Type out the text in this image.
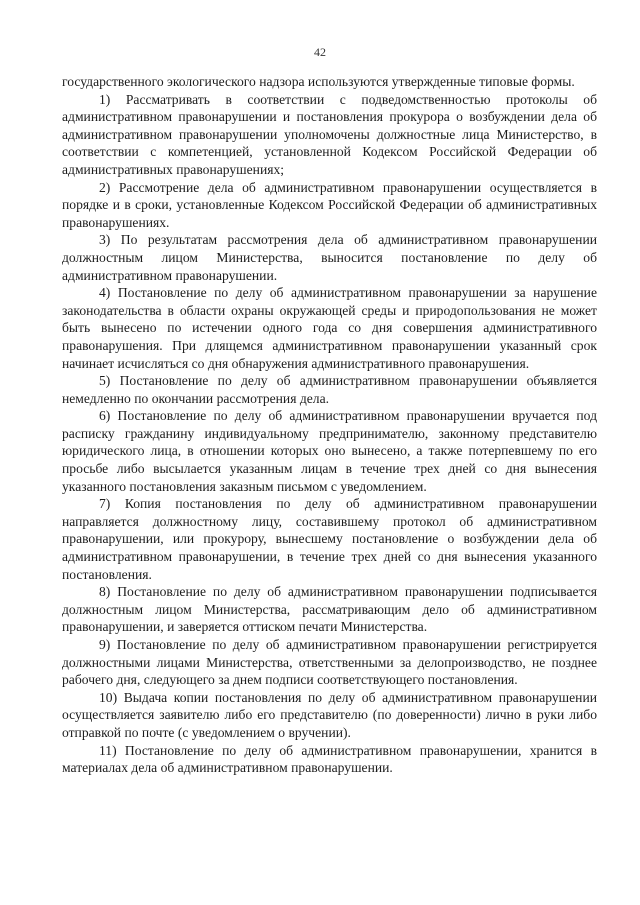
42

государственного экологического надзора используются утвержденные типовые формы.

1) Рассматривать в соответствии с подведомственностью протоколы об административном правонарушении и постановления прокурора о возбуждении дела об административном правонарушении уполномочены должностные лица Министерство, в соответствии с компетенцией, установленной Кодексом Российской Федерации об административных правонарушениях;

2) Рассмотрение дела об административном правонарушении осуществляется в порядке и в сроки, установленные Кодексом Российской Федерации об административных правонарушениях.

3) По результатам рассмотрения дела об административном правонарушении должностным лицом Министерства, выносится постановление по делу об административном правонарушении.

4) Постановление по делу об административном правонарушении за нарушение законодательства в области охраны окружающей среды и природопользования не может быть вынесено по истечении одного года со дня совершения административного правонарушения. При длящемся административном правонарушении указанный срок начинает исчисляться со дня обнаружения административного правонарушения.

5) Постановление по делу об административном правонарушении объявляется немедленно по окончании рассмотрения дела.

6) Постановление по делу об административном правонарушении вручается под расписку гражданину индивидуальному предпринимателю, законному представителю юридического лица, в отношении которых оно вынесено, а также потерпевшему по его просьбе либо высылается указанным лицам в течение трех дней со дня вынесения указанного постановления заказным письмом с уведомлением.

7) Копия постановления по делу об административном правонарушении направляется должностному лицу, составившему протокол об административном правонарушении, или прокурору, вынесшему постановление о возбуждении дела об административном правонарушении, в течение трех дней со дня вынесения указанного постановления.

8) Постановление по делу об административном правонарушении подписывается должностным лицом Министерства, рассматривающим дело об административном правонарушении, и заверяется оттиском печати Министерства.

9) Постановление по делу об административном правонарушении регистрируется должностными лицами Министерства, ответственными за делопроизводство, не позднее рабочего дня, следующего за днем подписи соответствующего постановления.

10) Выдача копии постановления по делу об административном правонарушении осуществляется заявителю либо его представителю (по доверенности) лично в руки либо отправкой по почте (с уведомлением о вручении).

11) Постановление по делу об административном правонарушении, хранится в материалах дела об административном правонарушении.
